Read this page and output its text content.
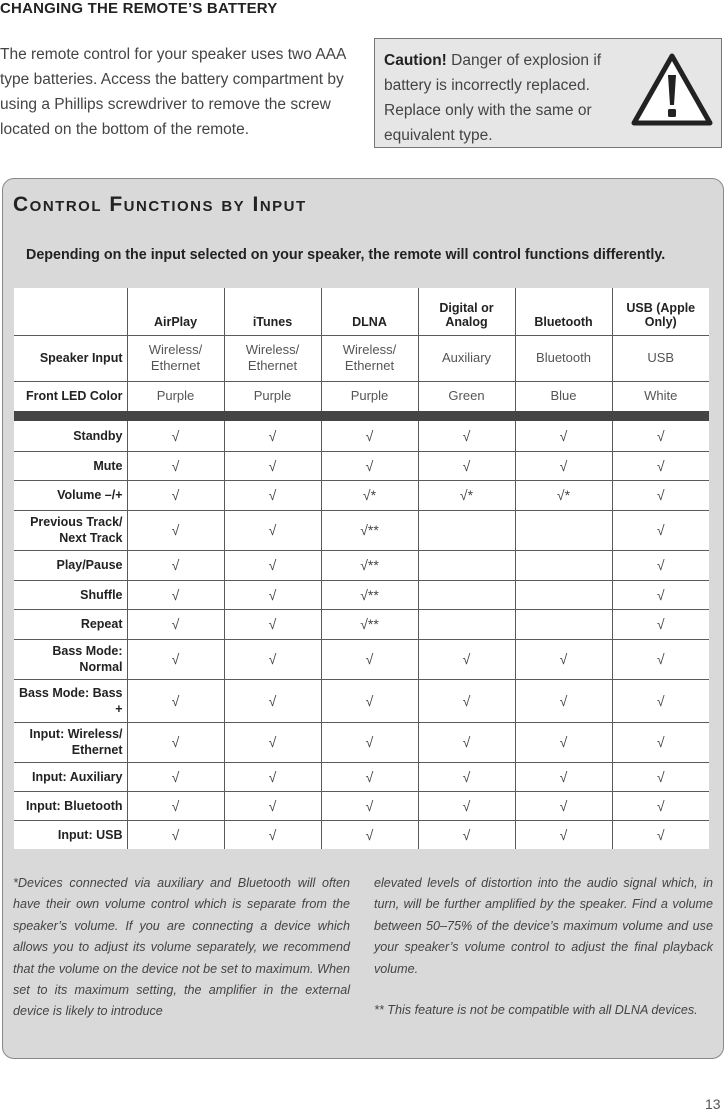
CHANGING THE REMOTE’S BATTERY
The remote control for your speaker uses two AAA type batteries. Access the battery compartment by using a Phillips screwdriver to remove the screw located on the bottom of the remote.
Caution! Danger of explosion if battery is incorrectly replaced. Replace only with the same or equivalent type.
Control Functions by Input
Depending on the input selected on your speaker, the remote will control functions differently.
	AirPlay	iTunes	DLNA	Digital or Analog	Bluetooth	USB (Apple Only)
Speaker Input	Wireless/ Ethernet	Wireless/ Ethernet	Wireless/ Ethernet	Auxiliary	Bluetooth	USB
Front LED Color	Purple	Purple	Purple	Green	Blue	White

Standby	√	√	√	√	√	√
Mute	√	√	√	√	√	√
Volume –/+	√	√	√*	√*	√*	√
Previous Track/ Next Track	√	√	√**			√
Play/Pause	√	√	√**			√
Shuffle	√	√	√**			√
Repeat	√	√	√**			√
Bass Mode: Normal	√	√	√	√	√	√
Bass Mode: Bass +	√	√	√	√	√	√
Input: Wireless/ Ethernet	√	√	√	√	√	√
Input: Auxiliary	√	√	√	√	√	√
Input: Bluetooth	√	√	√	√	√	√
Input: USB	√	√	√	√	√	√
*Devices connected via auxiliary and Bluetooth will often have their own volume control which is separate from the speaker’s volume. If you are connecting a device which allows you to adjust its volume separately, we recommend that the volume on the device not be set to maximum. When set to its maximum setting, the amplifier in the external device is likely to introduce

elevated levels of distortion into the audio signal which, in turn, will be further amplified by the speaker. Find a volume between 50–75% of the device’s maximum volume and use your speaker’s volume control to adjust the final playback volume.

** This feature is not be compatible with all DLNA devices.

13
